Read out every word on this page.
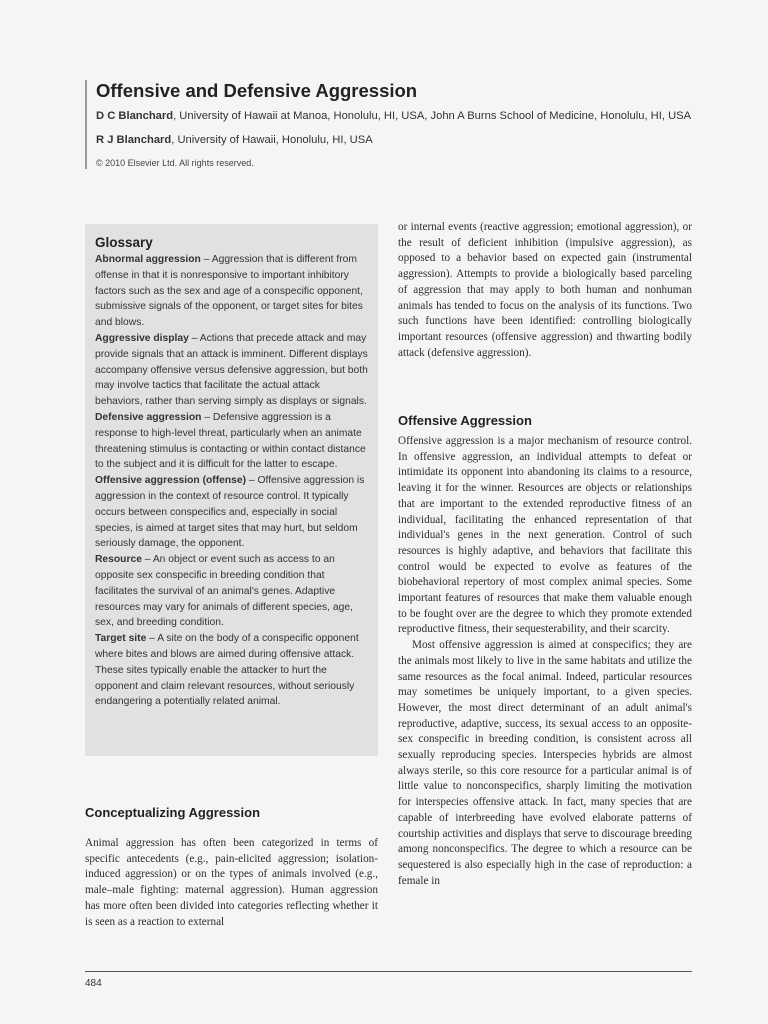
Offensive and Defensive Aggression
D C Blanchard, University of Hawaii at Manoa, Honolulu, HI, USA, John A Burns School of Medicine, Honolulu, HI, USA
R J Blanchard, University of Hawaii, Honolulu, HI, USA
© 2010 Elsevier Ltd. All rights reserved.
Glossary
Abnormal aggression – Aggression that is different from offense in that it is nonresponsive to important inhibitory factors such as the sex and age of a conspecific opponent, submissive signals of the opponent, or target sites for bites and blows.
Aggressive display – Actions that precede attack and may provide signals that an attack is imminent. Different displays accompany offensive versus defensive aggression, but both may involve tactics that facilitate the actual attack behaviors, rather than serving simply as displays or signals.
Defensive aggression – Defensive aggression is a response to high-level threat, particularly when an animate threatening stimulus is contacting or within contact distance to the subject and it is difficult for the latter to escape.
Offensive aggression (offense) – Offensive aggression is aggression in the context of resource control. It typically occurs between conspecifics and, especially in social species, is aimed at target sites that may hurt, but seldom seriously damage, the opponent.
Resource – An object or event such as access to an opposite sex conspecific in breeding condition that facilitates the survival of an animal's genes. Adaptive resources may vary for animals of different species, age, sex, and breeding condition.
Target site – A site on the body of a conspecific opponent where bites and blows are aimed during offensive attack. These sites typically enable the attacker to hurt the opponent and claim relevant resources, without seriously endangering a potentially related animal.
Conceptualizing Aggression

Animal aggression has often been categorized in terms of specific antecedents (e.g., pain-elicited aggression; isolation-induced aggression) or on the types of animals involved (e.g., male–male fighting: maternal aggression). Human aggression has more often been divided into categories reflecting whether it is seen as a reaction to external

or internal events (reactive aggression; emotional aggression), or the result of deficient inhibition (impulsive aggression), as opposed to a behavior based on expected gain (instrumental aggression). Attempts to provide a biologically based parceling of aggression that may apply to both human and nonhuman animals has tended to focus on the analysis of its functions. Two such functions have been identified: controlling biologically important resources (offensive aggression) and thwarting bodily attack (defensive aggression).

Offensive Aggression

Offensive aggression is a major mechanism of resource control. In offensive aggression, an individual attempts to defeat or intimidate its opponent into abandoning its claims to a resource, leaving it for the winner. Resources are objects or relationships that are important to the extended reproductive fitness of an individual, facilitating the enhanced representation of that individual's genes in the next generation. Control of such resources is highly adaptive, and behaviors that facilitate this control would be expected to evolve as features of the biobehavioral repertory of most complex animal species. Some important features of resources that make them valuable enough to be fought over are the degree to which they promote extended reproductive fitness, their sequesterability, and their scarcity.

Most offensive aggression is aimed at conspecifics; they are the animals most likely to live in the same habitats and utilize the same resources as the focal animal. Indeed, particular resources may sometimes be uniquely important, to a given species. However, the most direct determinant of an adult animal's reproductive, adaptive, success, its sexual access to an opposite-sex conspecific in breeding condition, is consistent across all sexually reproducing species. Interspecies hybrids are almost always sterile, so this core resource for a particular animal is of little value to nonconspecifics, sharply limiting the motivation for interspecies offensive attack. In fact, many species that are capable of interbreeding have evolved elaborate patterns of courtship activities and displays that serve to discourage breeding among nonconspecifics. The degree to which a resource can be sequestered is also especially high in the case of reproduction: a female in

484
